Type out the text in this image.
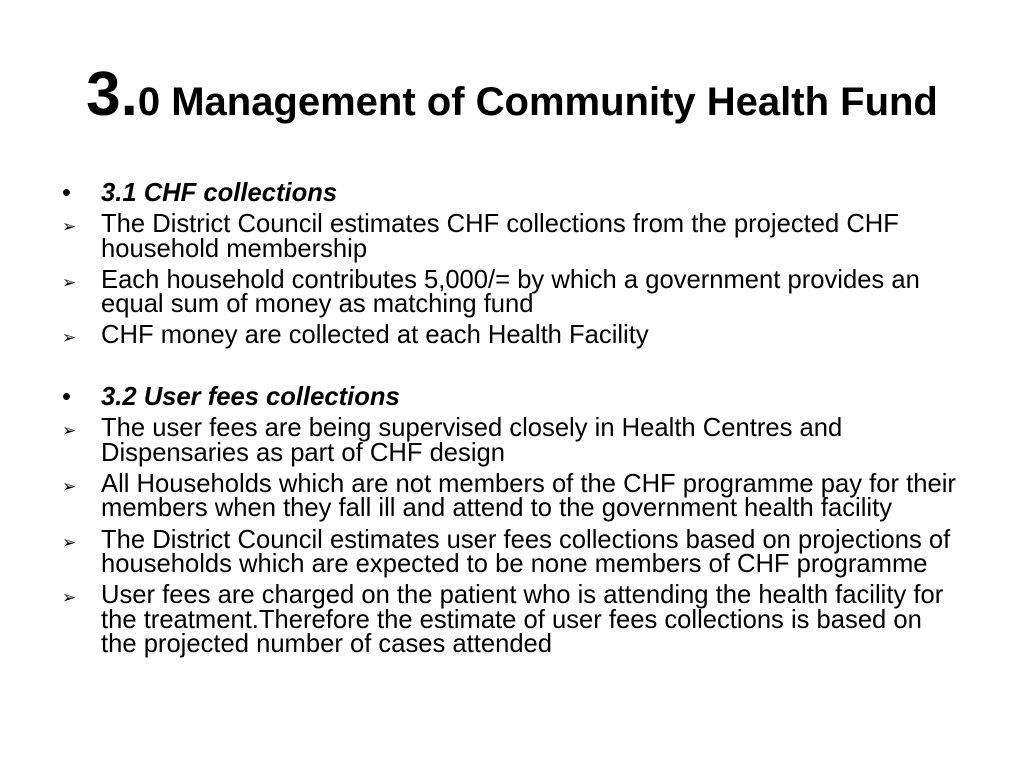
3.0 Management of Community Health Fund
•
3.1 CHF collections
➢
The District Council estimates CHF collections from the projected CHF
household membership
➢
Each household contributes 5,000/= by which a government provides an
equal sum of money as matching fund
➢
CHF money are collected at each Health Facility
•
3.2 User fees collections
➢
The user fees are being supervised closely in Health Centres and
Dispensaries as part of CHF design
➢
All Households which are not members of the CHF programme pay for their
members when they fall ill and attend to the government health facility
➢
The District Council estimates user fees collections based on projections of
households which are expected to be none members of CHF programme
➢
User fees are charged on the patient who is attending the health facility for
the treatment.Therefore the estimate of user fees collections is based on
the projected number of cases attended
